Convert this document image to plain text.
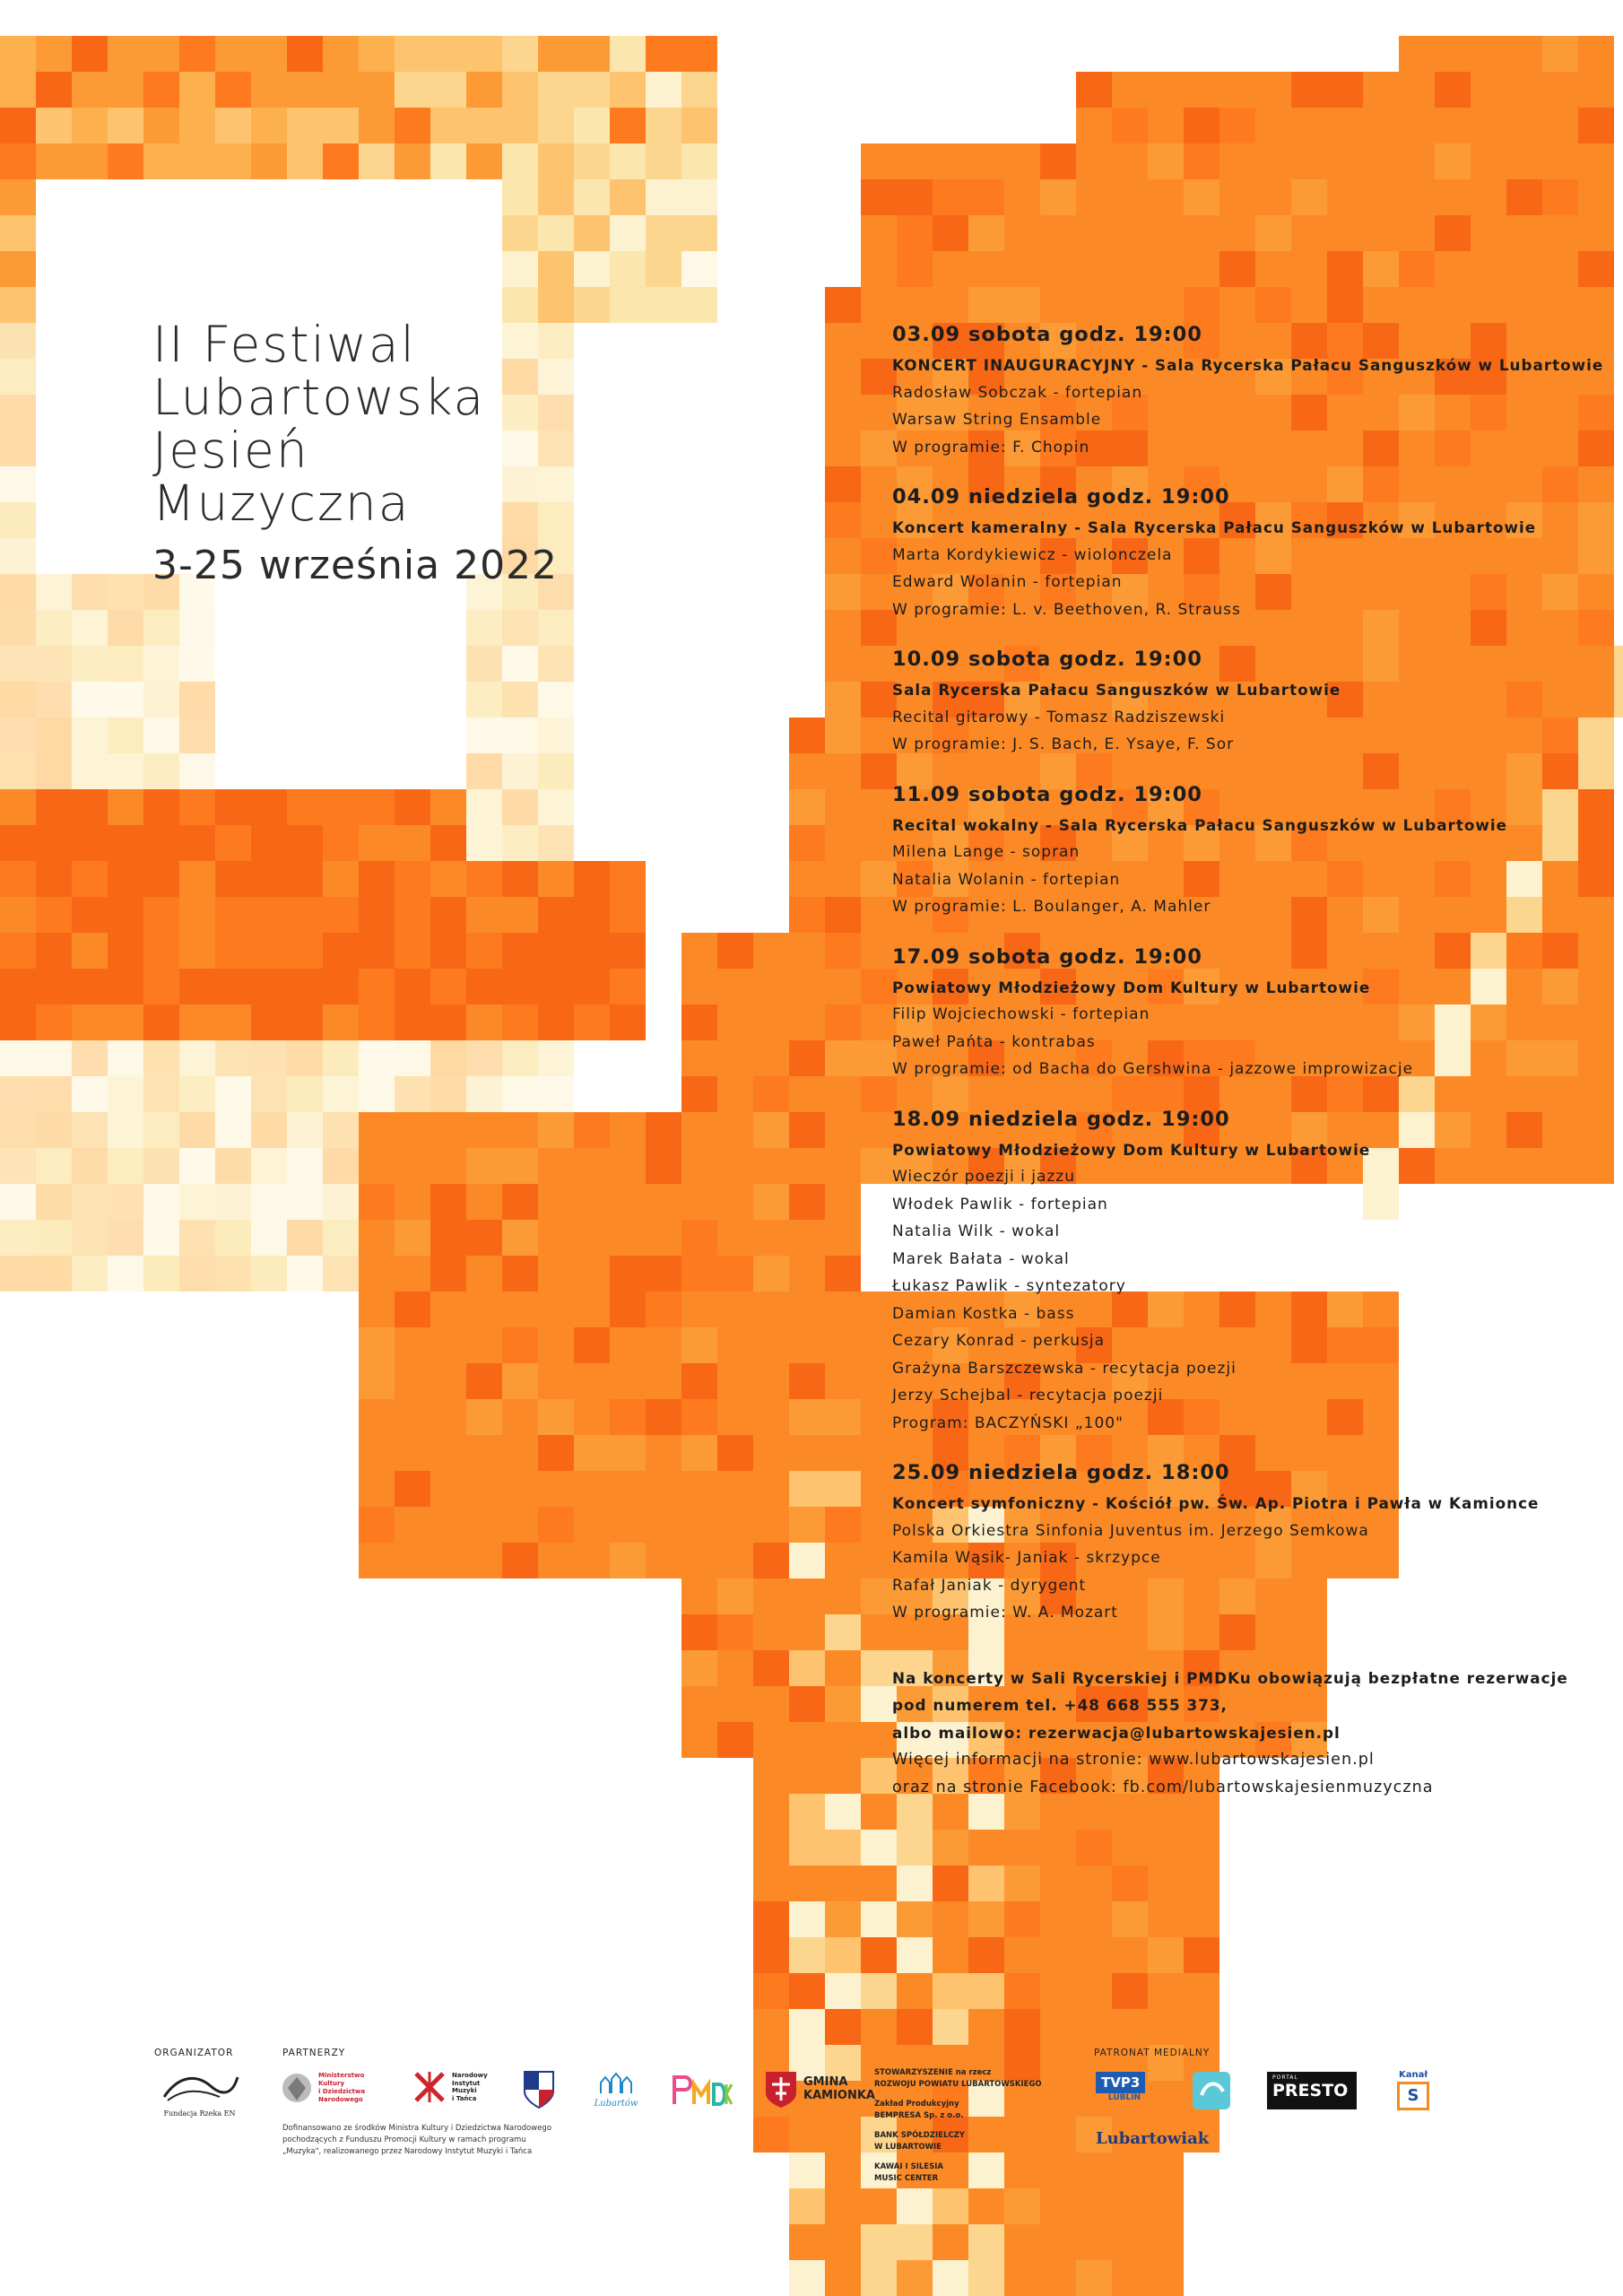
II Festiwal
Lubartowska
Jesień
Muzyczna
3-25 września 2022
03.09 sobota godz. 19:00
KONCERT INAUGURACYJNY - Sala Rycerska Pałacu Sanguszków w Lubartowie
Radosław Sobczak - fortepian
Warsaw String Ensamble
W programie: F. Chopin
04.09 niedziela godz. 19:00
Koncert kameralny - Sala Rycerska Pałacu Sanguszków w Lubartowie
Marta Kordykiewicz - wiolonczela
Edward Wolanin - fortepian
W programie: L. v. Beethoven, R. Strauss
10.09 sobota godz. 19:00
Sala Rycerska Pałacu Sanguszków w Lubartowie
Recital gitarowy - Tomasz Radziszewski
W programie: J. S. Bach, E. Ysaye, F. Sor
11.09 sobota godz. 19:00
Recital wokalny - Sala Rycerska Pałacu Sanguszków w Lubartowie
Milena Lange - sopran
Natalia Wolanin - fortepian
W programie: L. Boulanger, A. Mahler
17.09 sobota godz. 19:00
Powiatowy Młodzieżowy Dom Kultury w Lubartowie
Filip Wojciechowski - fortepian
Paweł Pańta - kontrabas
W programie: od Bacha do Gershwina - jazzowe improwizacje
18.09 niedziela godz. 19:00
Powiatowy Młodzieżowy Dom Kultury w Lubartowie
Wieczór poezji i jazzu
Włodek Pawlik - fortepian
Natalia Wilk - wokal
Marek Bałata - wokal
Łukasz Pawlik - syntezatory
Damian Kostka - bass
Cezary Konrad - perkusja
Grażyna Barszczewska - recytacja poezji
Jerzy Schejbal - recytacja poezji
Program: BACZYŃSKI „100"
25.09 niedziela godz. 18:00
Koncert symfoniczny - Kościół pw. Św. Ap. Piotra i Pawła w Kamionce
Polska Orkiestra Sinfonia Juventus im. Jerzego Semkowa
Kamila Wąsik- Janiak - skrzypce
Rafał Janiak - dyrygent
W programie: W. A. Mozart
Na koncerty w Sali Rycerskiej i PMDKu obowiązują bezpłatne rezerwacje
pod numerem tel. +48 668 555 373,
albo mailowo: rezerwacja@lubartowskajesien.pl
Więcej informacji na stronie: www.lubartowskajesien.pl
oraz na stronie Facebook: fb.com/lubartowskajesienmuzyczna
ORGANIZATOR	PARTNERZY	PATRONAT MEDIALNY
Fundacja Rzeka EN
Ministerstwo
Kultury
i Dziedzictwa
Narodowego
Narodowy
Instytut
Muzyki
i Tańca
Lubartów
GMINA
KAMIONKA
Dofinansowano ze środków Ministra Kultury i Dziedzictwa Narodowego
pochodzących z Funduszu Promocji Kultury w ramach programu
„Muzyka", realizowanego przez Narodowy Instytut Muzyki i Tańca
STOWARZYSZENIE na rzecz
ROZWOJU POWIATU LUBARTOWSKIEGO
Zakład Produkcyjny
BEMPRESA Sp. z o.o.
BANK SPÓŁDZIELCZY
W LUBARTOWIE
KAWAI I SILESIA
MUSIC CENTER
TVP3
LUBLIN
PORTAL
PRESTO
Kanał
S
Lubartowiak
